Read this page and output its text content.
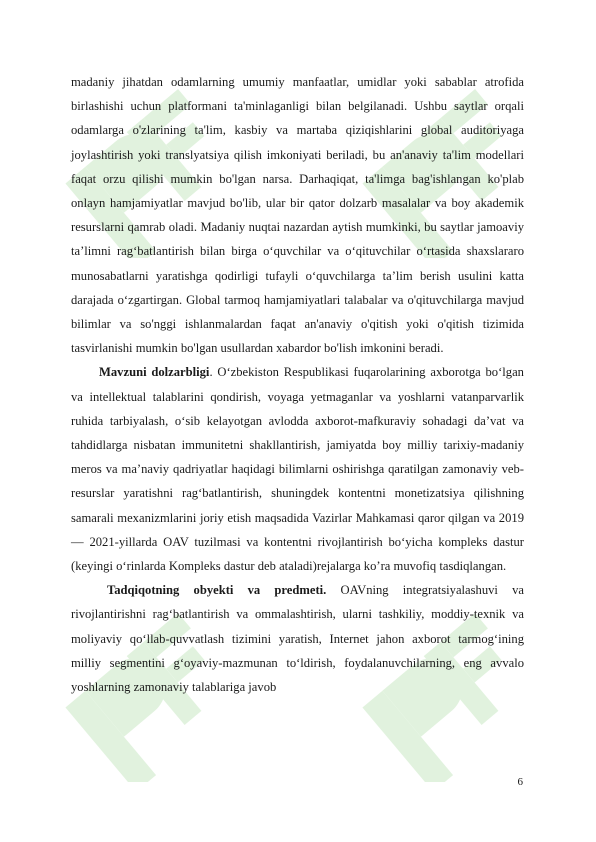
madaniy jihatdan odamlarning umumiy manfaatlar, umidlar yoki sabablar atrofida birlashishi uchun platformani ta'minlaganligi bilan belgilanadi. Ushbu saytlar orqali odamlarga o'zlarining ta'lim, kasbiy va martaba qiziqishlarini global auditoriyaga joylashtirish yoki translyatsiya qilish imkoniyati beriladi, bu an'anaviy ta'lim modellari faqat orzu qilishi mumkin bo'lgan narsa. Darhaqiqat, ta'limga bag'ishlangan ko'plab onlayn hamjamiyatlar mavjud bo'lib, ular bir qator dolzarb masalalar va boy akademik resurslarni qamrab oladi. Madaniy nuqtai nazardan aytish mumkinki, bu saytlar jamoaviy ta’limni rag‘batlantirish bilan birga o‘quvchilar va o‘qituvchilar o‘rtasida shaxslararo munosabatlarni yaratishga qodirligi tufayli o‘quvchilarga ta’lim berish usulini katta darajada o‘zgartirgan. Global tarmoq hamjamiyatlari talabalar va o'qituvchilarga mavjud bilimlar va so'nggi ishlanmalardan faqat an'anaviy o'qitish yoki o'qitish tizimida tasvirlanishi mumkin bo'lgan usullardan xabardor bo'lish imkonini beradi.

Mavzuni dolzarbligi. O‘zbekiston Respublikasi fuqarolarining axborotga bo‘lgan va intellektual talablarini qondirish, voyaga yetmaganlar va yoshlarni vatanparvarlik ruhida tarbiyalash, o‘sib kelayotgan avlodda axborot-mafkuraviy sohadagi da’vat va tahdidlarga nisbatan immunitetni shakllantirish, jamiyatda boy milliy tarixiy-madaniy meros va ma’naviy qadriyatlar haqidagi bilimlarni oshirishga qaratilgan zamonaviy veb-resurslar yaratishni rag‘batlantirish, shuningdek kontentni monetizatsiya qilishning samarali mexanizmlarini joriy etish maqsadida Vazirlar Mahkamasi qaror qilgan va 2019 — 2021-yillarda OAV tuzilmasi va kontentni rivojlantirish bo‘yicha kompleks dastur (keyingi o‘rinlarda Kompleks dastur deb ataladi)rejalarga ko’ra muvofiq tasdiqlangan.

Tadqiqotning obyekti va predmeti. OAVning integratsiyalashuvi va rivojlantirishni rag‘batlantirish va ommalashtirish, ularni tashkiliy, moddiy-texnik va moliyaviy qo‘llab-quvvatlash tizimini yaratish, Internet jahon axborot tarmog‘ining milliy segmentini g‘oyaviy-mazmunan to‘ldirish, foydalanuvchilarning, eng avvalo yoshlarning zamonaviy talablariga javob

6
